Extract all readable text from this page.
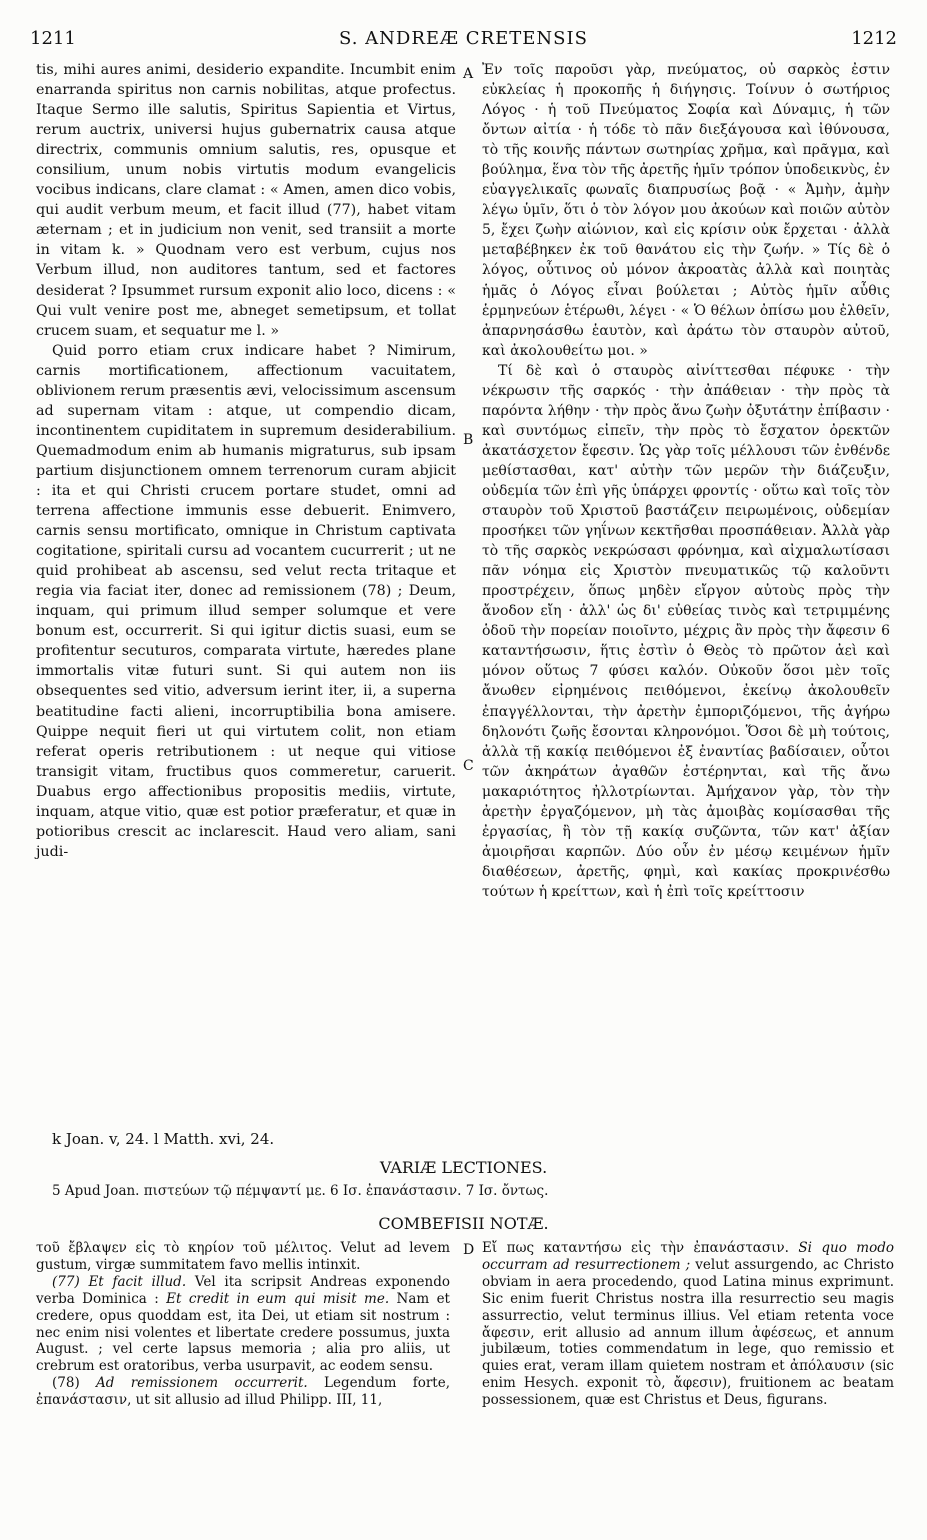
1211	S. ANDREÆ CRETENSIS	1212

tis, mihi aures animi, desiderio expandite. Incumbit enim enarranda spiritus non carnis nobilitas, atque profectus. Itaque Sermo ille salutis, Spiritus Sapientia et Virtus, rerum auctrix, universi hujus gubernatrix causa atque directrix, communis omnium salutis, res, opusque et consilium, unum nobis virtutis modum evangelicis vocibus indicans, clare clamat : « Amen, amen dico vobis, qui audit verbum meum, et facit illud (77), habet vitam æternam ; et in judicium non venit, sed transiit a morte in vitam k. » Quodnam vero est verbum, cujus nos Verbum illud, non auditores tantum, sed et factores desiderat ? Ipsummet rursum exponit alio loco, dicens : « Qui vult venire post me, abneget semetipsum, et tollat crucem suam, et sequatur me l. »

Quid porro etiam crux indicare habet ? Nimirum, carnis mortificationem, affectionum vacuitatem, oblivionem rerum præsentis ævi, velocissimum ascensum ad supernam vitam : atque, ut compendio dicam, incontinentem cupiditatem in supremum desiderabilium. Quemadmodum enim ab humanis migraturus, sub ipsam partium disjunctionem omnem terrenorum curam abjicit : ita et qui Christi crucem portare studet, omni ad terrena affectione immunis esse debuerit. Enimvero, carnis sensu mortificato, omnique in Christum captivata cogitatione, spiritali cursu ad vocantem cucurrerit ; ut ne quid prohibeat ab ascensu, sed velut recta tritaque et regia via faciat iter, donec ad remissionem (78) ; Deum, inquam, qui primum illud semper solumque et vere bonum est, occurrerit. Si qui igitur dictis suasi, eum se profitentur secuturos, comparata virtute, hæredes plane immortalis vitæ futuri sunt. Si qui autem non iis obsequentes sed vitio, adversum ierint iter, ii, a superna beatitudine facti alieni, incorruptibilia bona amisere. Quippe nequit fieri ut qui virtutem colit, non etiam referat operis retributionem : ut neque qui vitiose transigit vitam, fructibus quos commeretur, caruerit. Duabus ergo affectionibus propositis mediis, virtute, inquam, atque vitio, quæ est potior præferatur, et quæ in potioribus crescit ac inclarescit. Haud vero aliam, sani judi-

A
B
C
D

Ἐν τοῖς παροῦσι γὰρ, πνεύματος, οὐ σαρκὸς ἐστιν εὐκλείας ἡ προκοπῆς ἡ διήγησις. Τοίνυν ὁ σωτήριος Λόγος · ἡ τοῦ Πνεύματος Σοφία καὶ Δύναμις, ἡ τῶν ὄντων αἰτία · ἡ τόδε τὸ πᾶν διεξάγουσα καὶ ἰθύνουσα, τὸ τῆς κοινῆς πάντων σωτηρίας χρῆμα, καὶ πρᾶγμα, καὶ βούλημα, ἕνα τὸν τῆς ἀρετῆς ἡμῖν τρόπον ὑποδεικνὺς, ἐν εὐαγγελικαῖς φωναῖς διαπρυσίως βοᾷ · « Ἀμὴν, ἀμὴν λέγω ὑμῖν, ὅτι ὁ τὸν λόγον μου ἀκούων καὶ ποιῶν αὐτὸν 5, ἔχει ζωὴν αἰώνιον, καὶ εἰς κρίσιν οὐκ ἔρχεται · ἀλλὰ μεταβέβηκεν ἐκ τοῦ θανάτου εἰς τὴν ζωήν. » Τίς δὲ ὁ λόγος, οὗτινος οὐ μόνον ἀκροατὰς ἀλλὰ καὶ ποιητὰς ἡμᾶς ὁ Λόγος εἶναι βούλεται ; Αὐτὸς ἡμῖν αὖθις ἑρμηνεύων ἑτέρωθι, λέγει · « Ὁ θέλων ὀπίσω μου ἐλθεῖν, ἀπαρνησάσθω ἑαυτὸν, καὶ ἀράτω τὸν σταυρὸν αὐτοῦ, καὶ ἀκολουθείτω μοι. »

Τί δὲ καὶ ὁ σταυρὸς αἰνίττεσθαι πέφυκε · τὴν νέκρωσιν τῆς σαρκός · τὴν ἀπάθειαν · τὴν πρὸς τὰ παρόντα λήθην · τὴν πρὸς ἄνω ζωὴν ὀξυτάτην ἐπίβασιν · καὶ συντόμως εἰπεῖν, τὴν πρὸς τὸ ἔσχατον ὀρεκτῶν ἀκατάσχετον ἔφεσιν. Ὡς γὰρ τοῖς μέλλουσι τῶν ἐνθένδε μεθίστασθαι, κατ' αὐτὴν τῶν μερῶν τὴν διάζευξιν, οὐδεμία τῶν ἐπὶ γῆς ὑπάρχει φροντίς · οὕτω καὶ τοῖς τὸν σταυρὸν τοῦ Χριστοῦ βαστάζειν πειρωμένοις, οὐδεμίαν προσήκει τῶν γηΐνων κεκτῆσθαι προσπάθειαν. Ἀλλὰ γὰρ τὸ τῆς σαρκὸς νεκρώσασι φρόνημα, καὶ αἰχμαλωτίσασι πᾶν νόημα εἰς Χριστὸν πνευματικῶς τῷ καλοῦντι προστρέχειν, ὅπως μηδὲν εἴργον αὐτοὺς πρὸς τὴν ἄνοδον εἴη · ἀλλ' ὡς δι' εὐθείας τινὸς καὶ τετριμμένης ὁδοῦ τὴν πορείαν ποιοῖντο, μέχρις ἂν πρὸς τὴν ἄφεσιν 6 καταντήσωσιν, ἥτις ἐστὶν ὁ Θεὸς τὸ πρῶτον ἀεὶ καὶ μόνον οὕτως 7 φύσει καλόν. Οὐκοῦν ὅσοι μὲν τοῖς ἄνωθεν εἰρημένοις πειθόμενοι, ἐκείνῳ ἀκολουθεῖν ἐπαγγέλλονται, τὴν ἀρετὴν ἐμποριζόμενοι, τῆς ἀγήρω δηλονότι ζωῆς ἔσονται κληρονόμοι. Ὅσοι δὲ μὴ τούτοις, ἀλλὰ τῇ κακίᾳ πειθόμενοι ἐξ ἐναντίας βαδίσαιεν, οὗτοι τῶν ἀκηράτων ἀγαθῶν ἐστέρηνται, καὶ τῆς ἄνω μακαριότητος ἠλλοτρίωνται. Ἀμήχανον γὰρ, τὸν τὴν ἀρετὴν ἐργαζόμενον, μὴ τὰς ἀμοιβὰς κομίσασθαι τῆς ἐργασίας, ἢ τὸν τῇ κακίᾳ συζῶντα, τῶν κατ' ἀξίαν ἀμοιρῆσαι καρπῶν. Δύο οὖν ἐν μέσῳ κειμένων ἡμῖν διαθέσεων, ἀρετῆς, φημὶ, καὶ κακίας προκρινέσθω τούτων ἡ κρείττων, καὶ ἡ ἐπὶ τοῖς κρείττοσιν

k Joan. v, 24. l Matth. xvi, 24.
VARIÆ LECTIONES.
5 Apud Joan. πιστεύων τῷ πέμψαντί με. 6 Ισ. ἐπανάστασιν. 7 Ισ. ὄντως.
COMBEFISII NOTÆ.

τοῦ ἔβλαψεν εἰς τὸ κηρίον τοῦ μέλιτος. Velut ad levem gustum, virgæ summitatem favo mellis intinxit.

(77) Et facit illud. Vel ita scripsit Andreas exponendo verba Dominica : Et credit in eum qui misit me. Nam et credere, opus quoddam est, ita Dei, ut etiam sit nostrum : nec enim nisi volentes et libertate credere possumus, juxta August. ; vel certe lapsus memoria ; alia pro aliis, ut crebrum est oratoribus, verba usurpavit, ac eodem sensu.

(78) Ad remissionem occurrerit. Legendum forte, ἐπανάστασιν, ut sit allusio ad illud Philipp. III, 11,

Εἴ πως καταντήσω εἰς τὴν ἐπανάστασιν. Si quo modo occurram ad resurrectionem ; velut assurgendo, ac Christo obviam in aera procedendo, quod Latina minus exprimunt. Sic enim fuerit Christus nostra illa resurrectio seu magis assurrectio, velut terminus illius. Vel etiam retenta voce ἄφεσιν, erit allusio ad annum illum ἀφέσεως, et annum jubilæum, toties commendatum in lege, quo remissio et quies erat, veram illam quietem nostram et ἀπόλαυσιν (sic enim Hesych. exponit τὸ, ἄφεσιν), fruitionem ac beatam possessionem, quæ est Christus et Deus, figurans.
